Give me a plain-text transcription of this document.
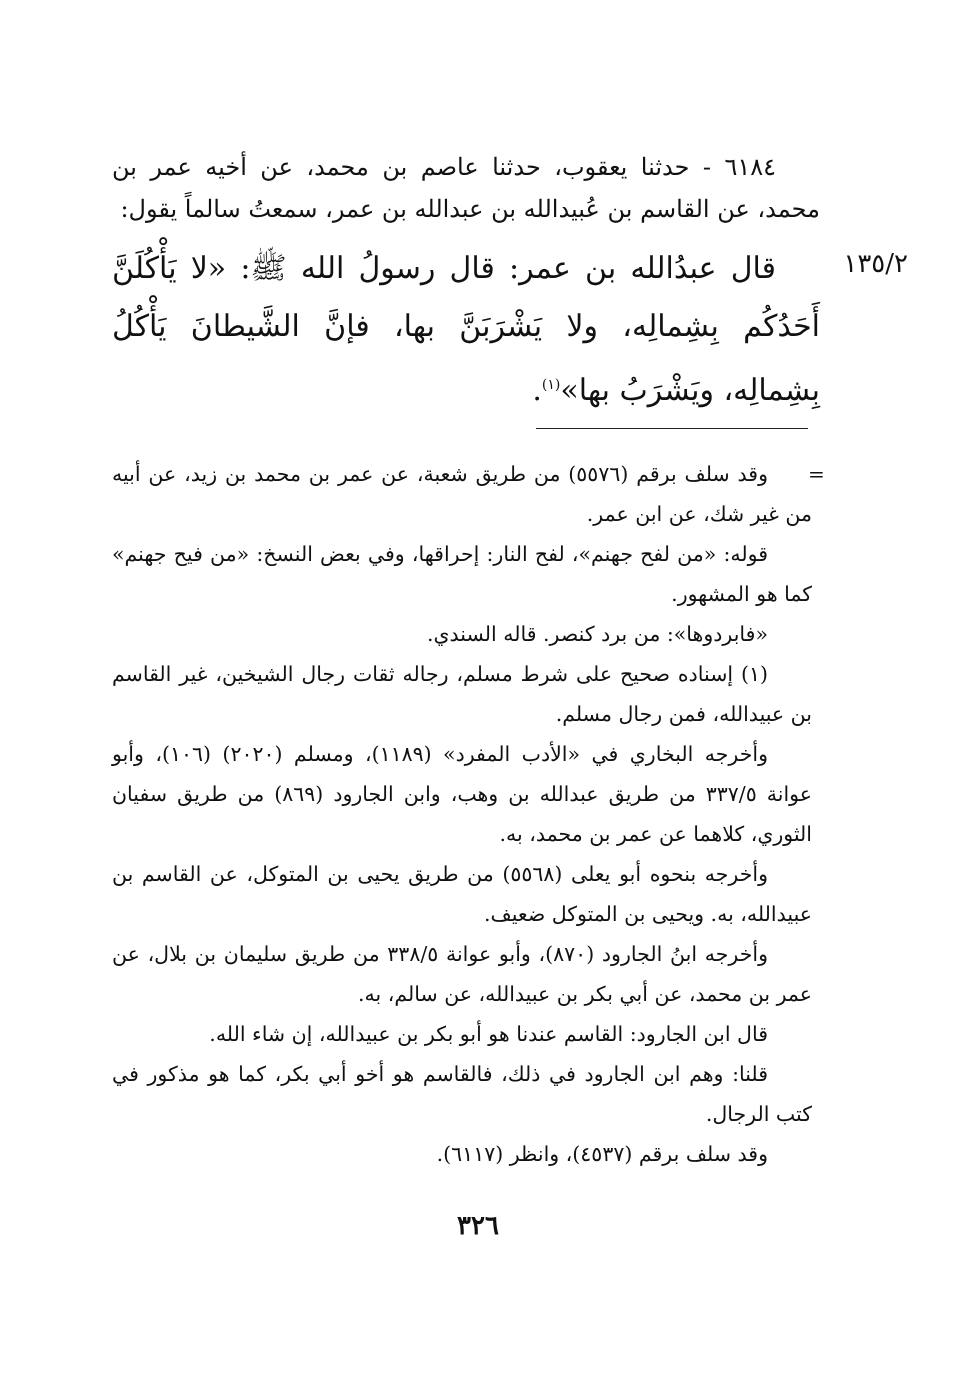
٦١٨٤ - حدثنا يعقوب، حدثنا عاصم بن محمد، عن أخيه عمر بن محمد، عن القاسم بن عُبيدالله بن عبدالله بن عمر، سمعتُ سالماً يقول:

١٣٥/٢

قال عبدُالله بن عمر: قال رسولُ الله ﷺ: «لا يَأْكُلَنَّ أَحَدُكُم بِشِمالِه، ولا يَشْرَبَنَّ بها، فإنَّ الشَّيطانَ يَأْكُلُ بِشِمالِه، ويَشْرَبُ بها»$^{(١)}$.

=

وقد سلف برقم (٥٥٧٦) من طريق شعبة، عن عمر بن محمد بن زيد، عن أبيه من غير شك، عن ابن عمر.

قوله: «من لفح جهنم»، لفح النار: إحراقها، وفي بعض النسخ: «من فيح جهنم» كما هو المشهور.

«فابردوها»: من برد كنصر. قاله السندي.

(١) إسناده صحيح على شرط مسلم، رجاله ثقات رجال الشيخين، غير القاسم بن عبيدالله، فمن رجال مسلم.

وأخرجه البخاري في «الأدب المفرد» (١١٨٩)، ومسلم (٢٠٢٠) (١٠٦)، وأبو عوانة ٣٣٧/٥ من طريق عبدالله بن وهب، وابن الجارود (٨٦٩) من طريق سفيان الثوري، كلاهما عن عمر بن محمد، به.

وأخرجه بنحوه أبو يعلى (٥٥٦٨) من طريق يحيى بن المتوكل، عن القاسم بن عبيدالله، به. ويحيى بن المتوكل ضعيف.

وأخرجه ابنُ الجارود (٨٧٠)، وأبو عوانة ٣٣٨/٥ من طريق سليمان بن بلال، عن عمر بن محمد، عن أبي بكر بن عبيدالله، عن سالم، به.

قال ابن الجارود: القاسم عندنا هو أبو بكر بن عبيدالله، إن شاء الله.

قلنا: وهم ابن الجارود في ذلك، فالقاسم هو أخو أبي بكر، كما هو مذكور في كتب الرجال.

وقد سلف برقم (٤٥٣٧)، وانظر (٦١١٧).

٣٢٦
